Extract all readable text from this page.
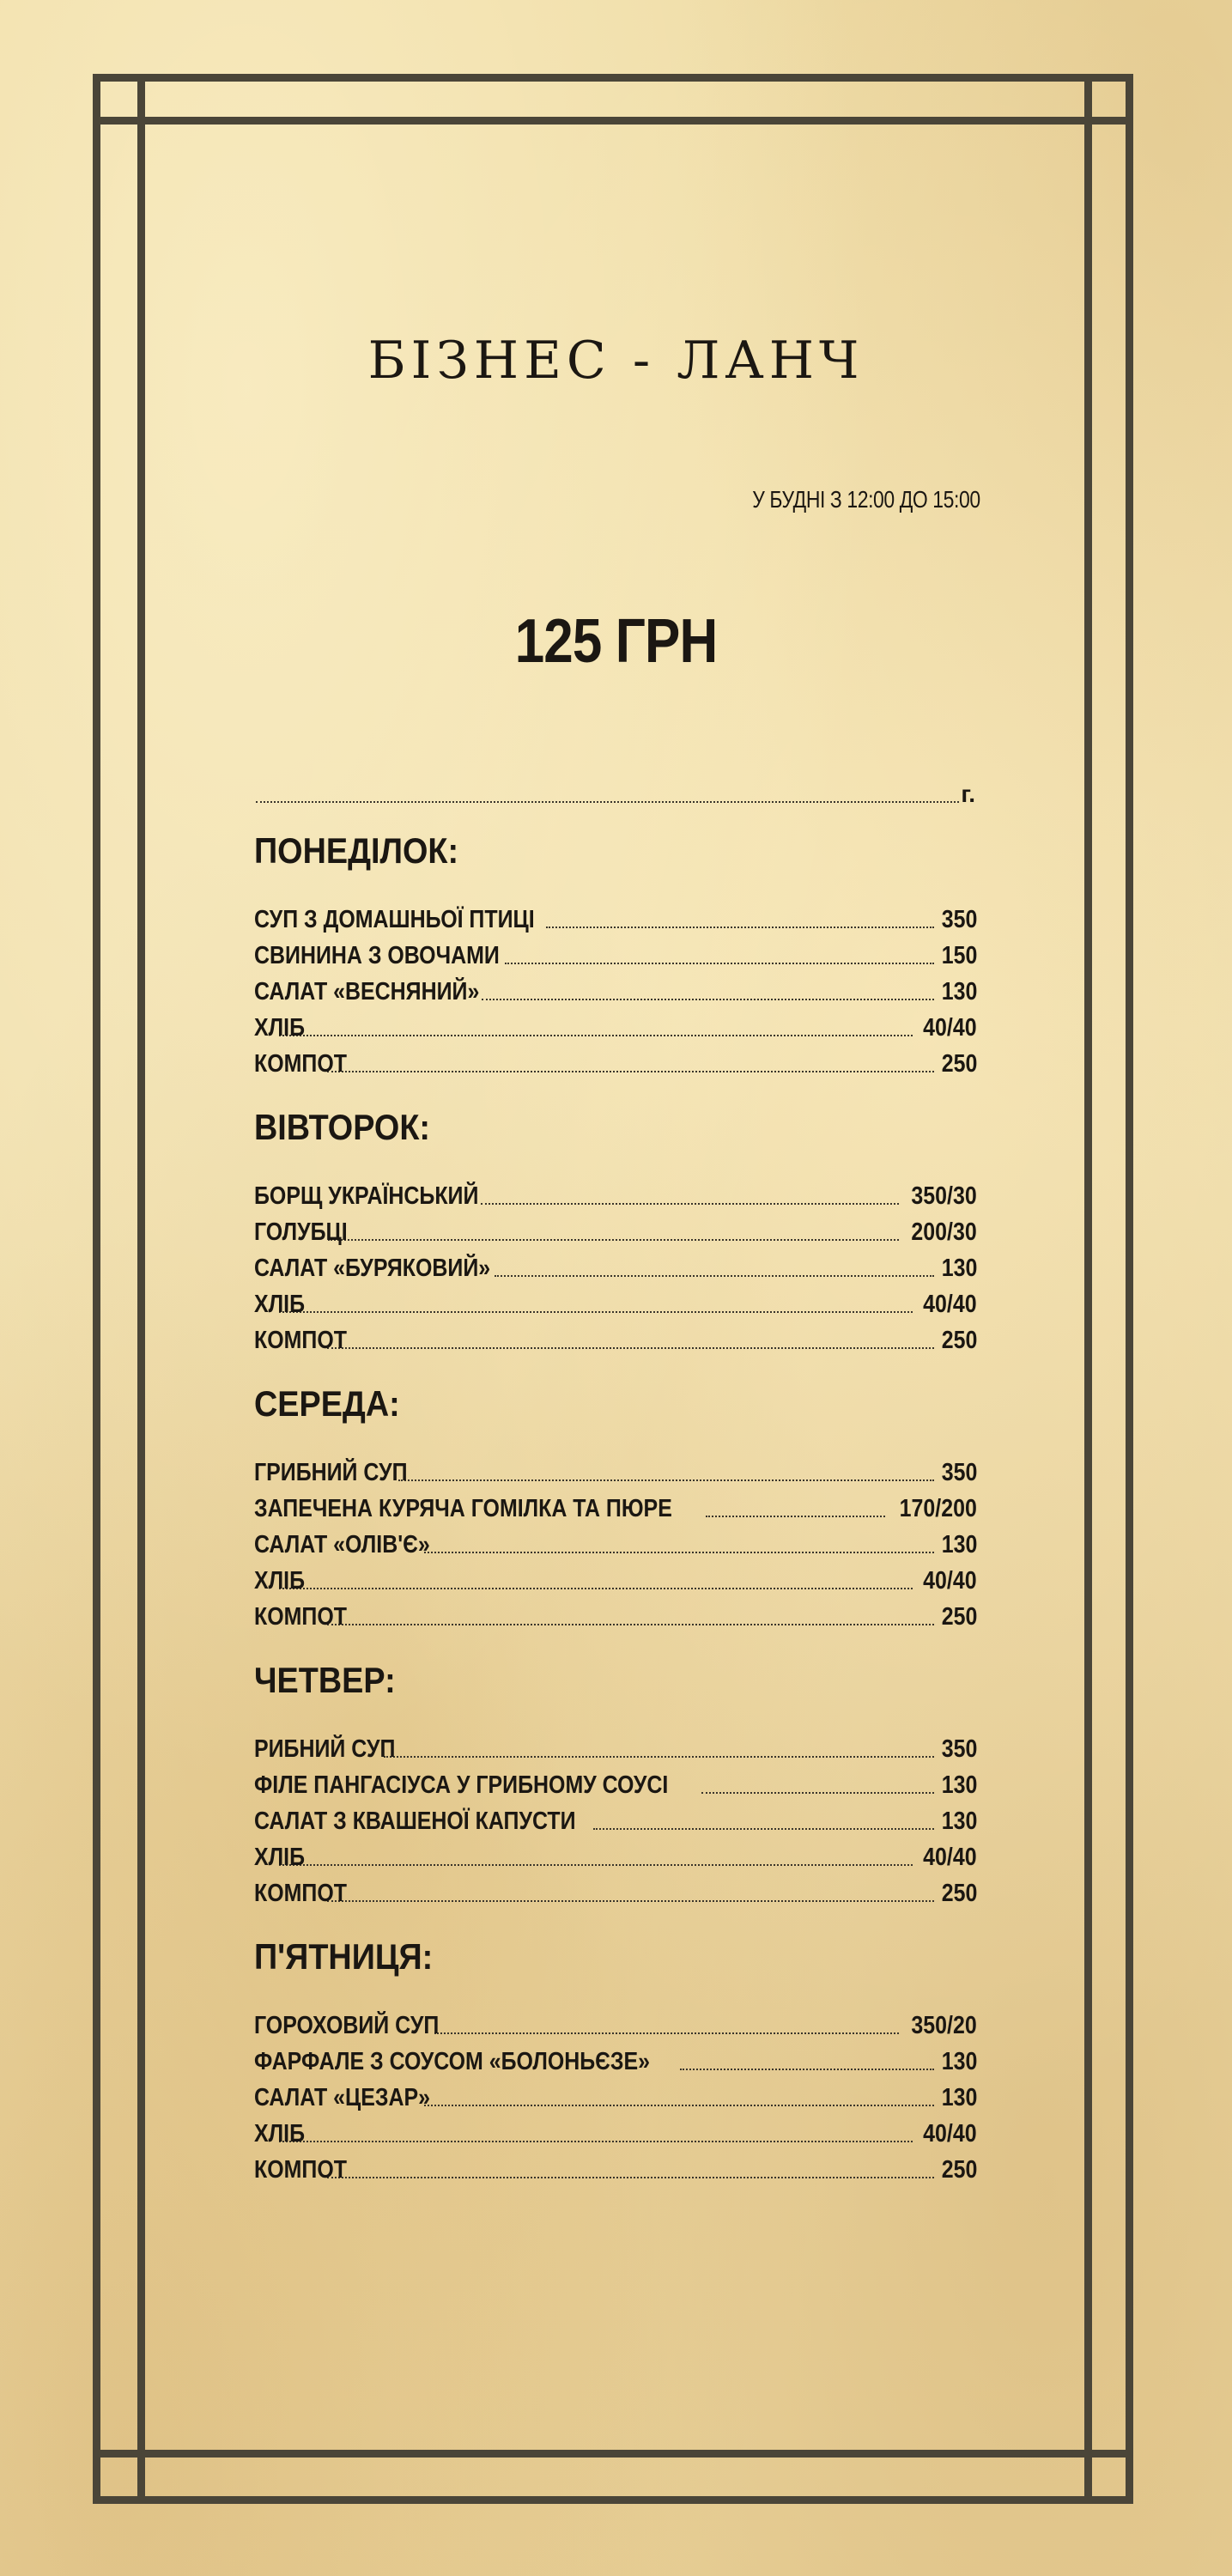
БІЗНЕС - ЛАНЧ
У БУДНІ З 12:00 ДО 15:00
125 ГРН
г.
ПОНЕДІЛОК:
СУП З ДОМАШНЬОЇ ПТИЦІ	350
СВИНИНА З ОВОЧАМИ	150
САЛАТ «ВЕСНЯНИЙ»	130
ХЛІБ	40/40
КОМПОТ	250
ВІВТОРОК:
БОРЩ УКРАЇНСЬКИЙ	350/30
ГОЛУБЦІ	200/30
САЛАТ «БУРЯКОВИЙ»	130
ХЛІБ	40/40
КОМПОТ	250
СЕРЕДА:
ГРИБНИЙ СУП	350
ЗАПЕЧЕНА КУРЯЧА ГОМІЛКА ТА ПЮРЕ	170/200
САЛАТ «ОЛІВ'Є»	130
ХЛІБ	40/40
КОМПОТ	250
ЧЕТВЕР:
РИБНИЙ СУП	350
ФІЛЕ ПАНГАСІУСА У ГРИБНОМУ СОУСІ	130
САЛАТ З КВАШЕНОЇ КАПУСТИ	130
ХЛІБ	40/40
КОМПОТ	250
П'ЯТНИЦЯ:
ГОРОХОВИЙ СУП	350/20
ФАРФАЛЕ З СОУСОМ «БОЛОНЬЄЗЕ»	130
САЛАТ «ЦЕЗАР»	130
ХЛІБ	40/40
КОМПОТ	250
